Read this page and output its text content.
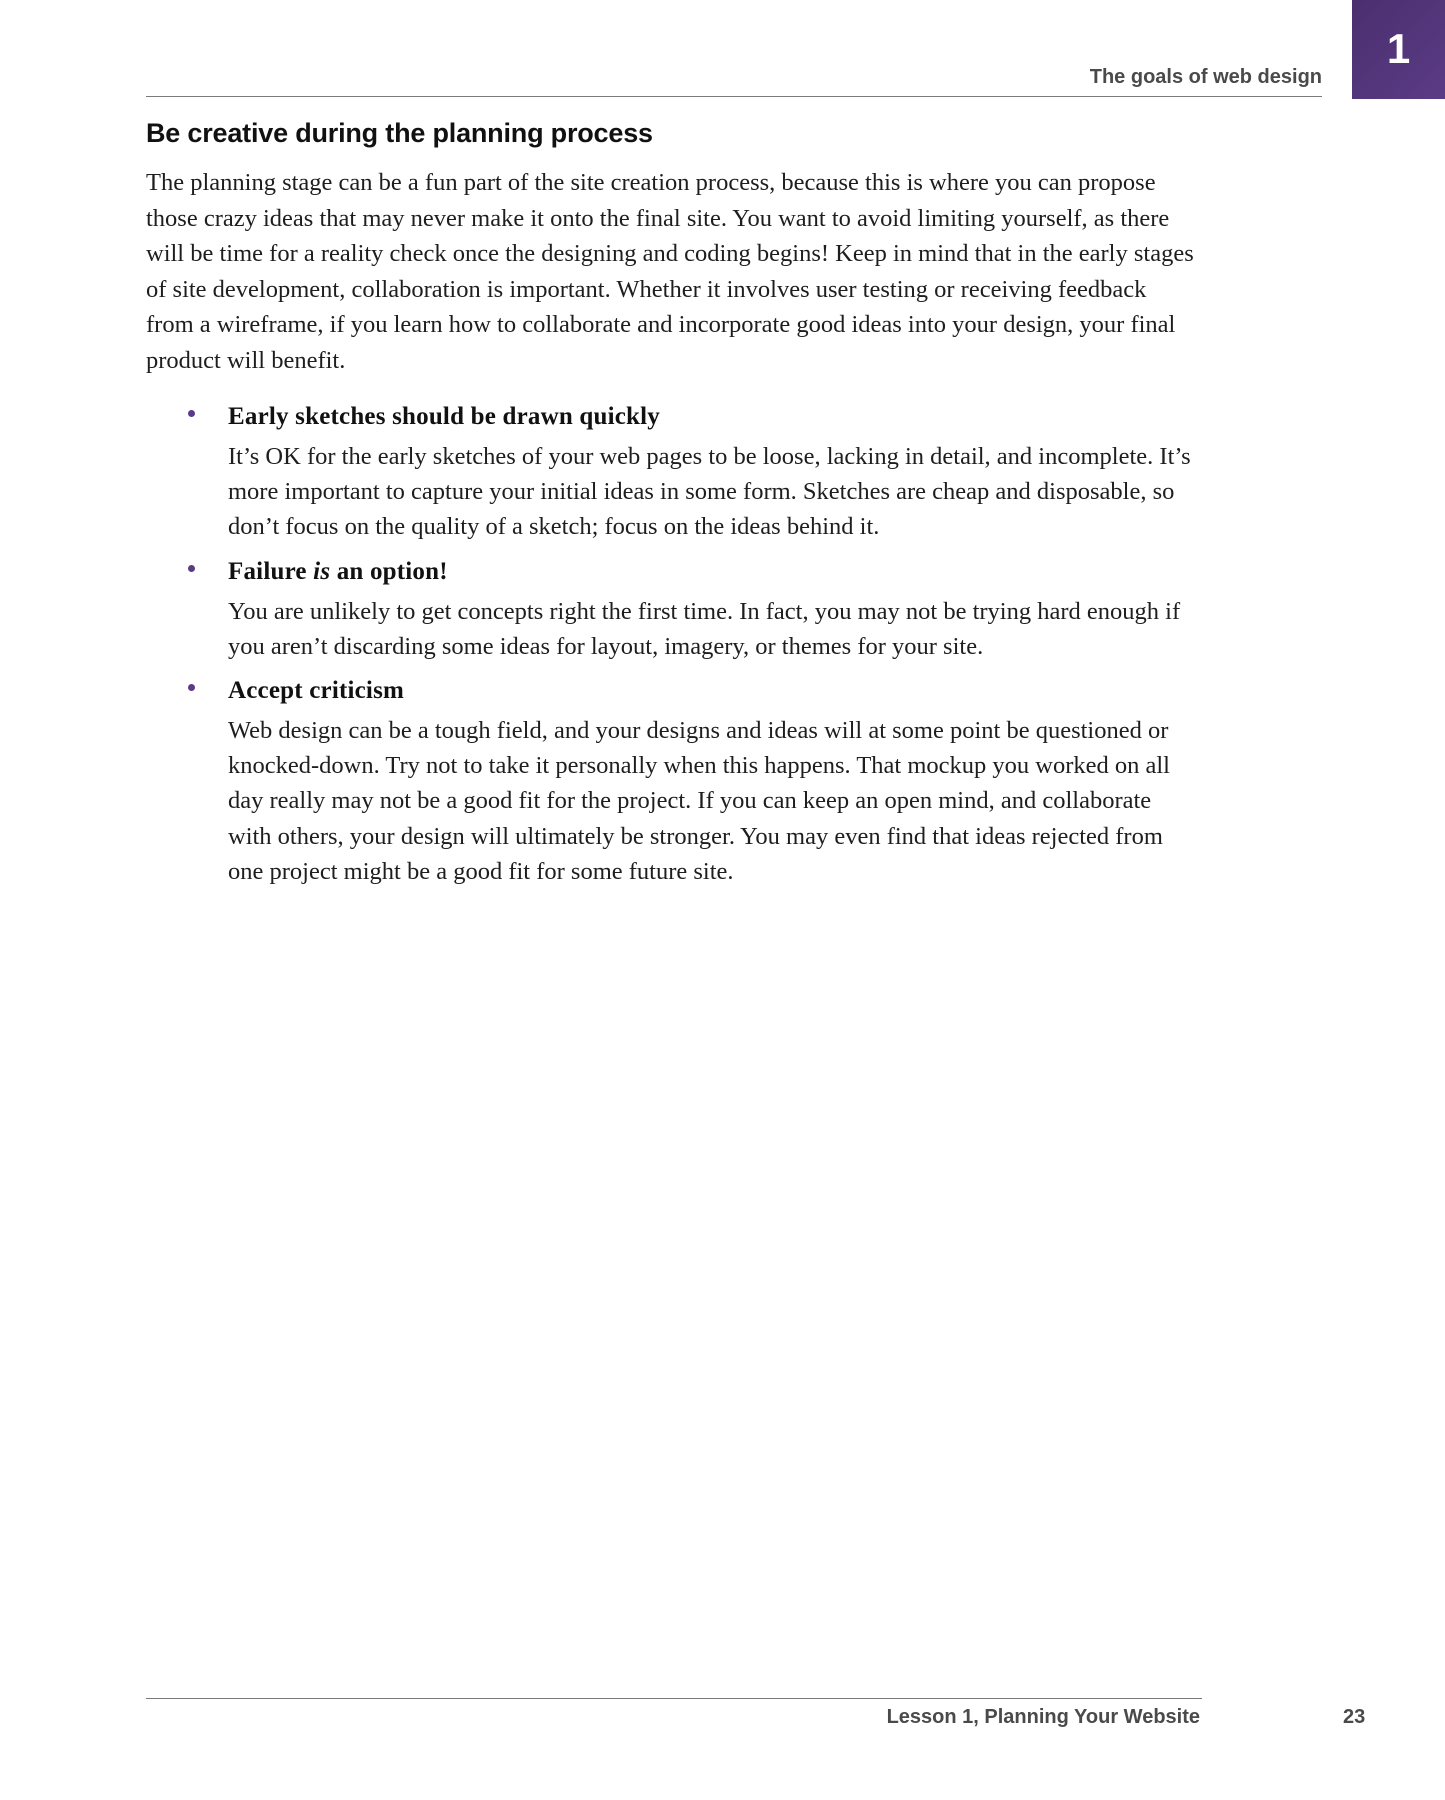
The goals of web design
1
Be creative during the planning process

The planning stage can be a fun part of the site creation process, because this is where you can propose those crazy ideas that may never make it onto the final site. You want to avoid limiting yourself, as there will be time for a reality check once the designing and coding begins! Keep in mind that in the early stages of site development, collaboration is important. Whether it involves user testing or receiving feedback from a wireframe, if you learn how to collaborate and incorporate good ideas into your design, your final product will benefit.

Early sketches should be drawn quickly

It’s OK for the early sketches of your web pages to be loose, lacking in detail, and incomplete. It’s more important to capture your initial ideas in some form. Sketches are cheap and disposable, so don’t focus on the quality of a sketch; focus on the ideas behind it.

Failure is an option!

You are unlikely to get concepts right the first time. In fact, you may not be trying hard enough if you aren’t discarding some ideas for layout, imagery, or themes for your site.

Accept criticism

Web design can be a tough field, and your designs and ideas will at some point be questioned or knocked-down. Try not to take it personally when this happens. That mockup you worked on all day really may not be a good fit for the project. If you can keep an open mind, and collaborate with others, your design will ultimately be stronger. You may even find that ideas rejected from one project might be a good fit for some future site.

Lesson 1, Planning Your Website	23
